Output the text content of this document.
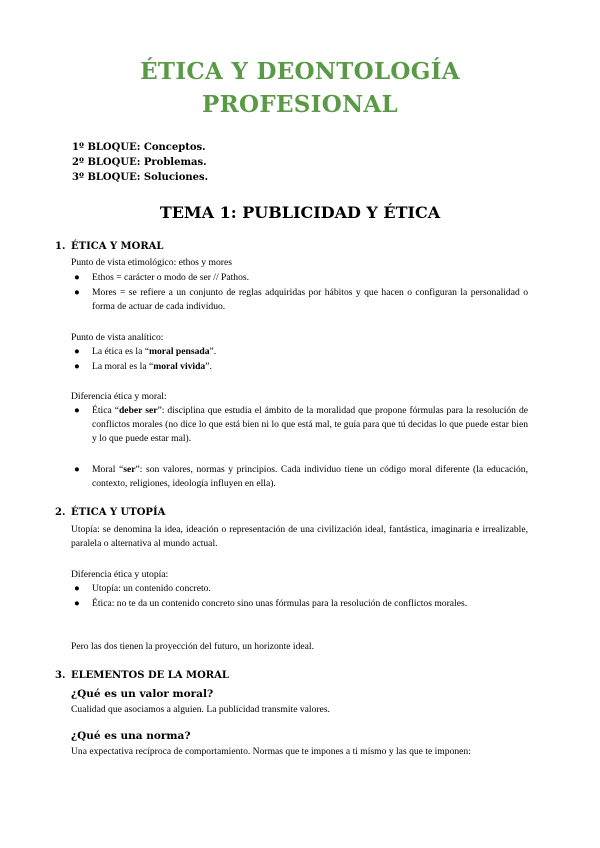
ÉTICA Y DEONTOLOGÍA
PROFESIONAL
1º BLOQUE: Conceptos.
2º BLOQUE: Problemas.
3º BLOQUE: Soluciones.
TEMA 1: PUBLICIDAD Y ÉTICA
1. ÉTICA Y MORAL
Punto de vista etimológico: ethos y mores
● Ethos = carácter o modo de ser // Pathos.
● Mores = se refiere a un conjunto de reglas adquiridas por hábitos y que hacen o configuran la personalidad o forma de actuar de cada individuo.
Punto de vista analítico:
● La ética es la “moral pensada”.
● La moral es la “moral vivida”.
Diferencia ética y moral:
● Ética “deber ser”: disciplina que estudia el ámbito de la moralidad que propone fórmulas para la resolución de conflictos morales (no dice lo que está bien ni lo que está mal, te guía para que tú decidas lo que puede estar bien y lo que puede estar mal).
● Moral “ser”: son valores, normas y principios. Cada individuo tiene un código moral diferente (la educación, contexto, religiones, ideología influyen en ella).
2. ÉTICA Y UTOPÍA
Utopía: se denomina la idea, ideación o representación de una civilización ideal, fantástica, imaginaria e irrealizable, paralela o alternativa al mundo actual.
Diferencia ética y utopía:
● Utopía: un contenido concreto.
● Ética: no te da un contenido concreto sino unas fórmulas para la resolución de conflictos morales.
Pero las dos tienen la proyección del futuro, un horizonte ideal.
3. ELEMENTOS DE LA MORAL
¿Qué es un valor moral?
Cualidad que asociamos a alguien. La publicidad transmite valores.
¿Qué es una norma?
Una expectativa recíproca de comportamiento. Normas que te impones a ti mismo y las que te imponen:
